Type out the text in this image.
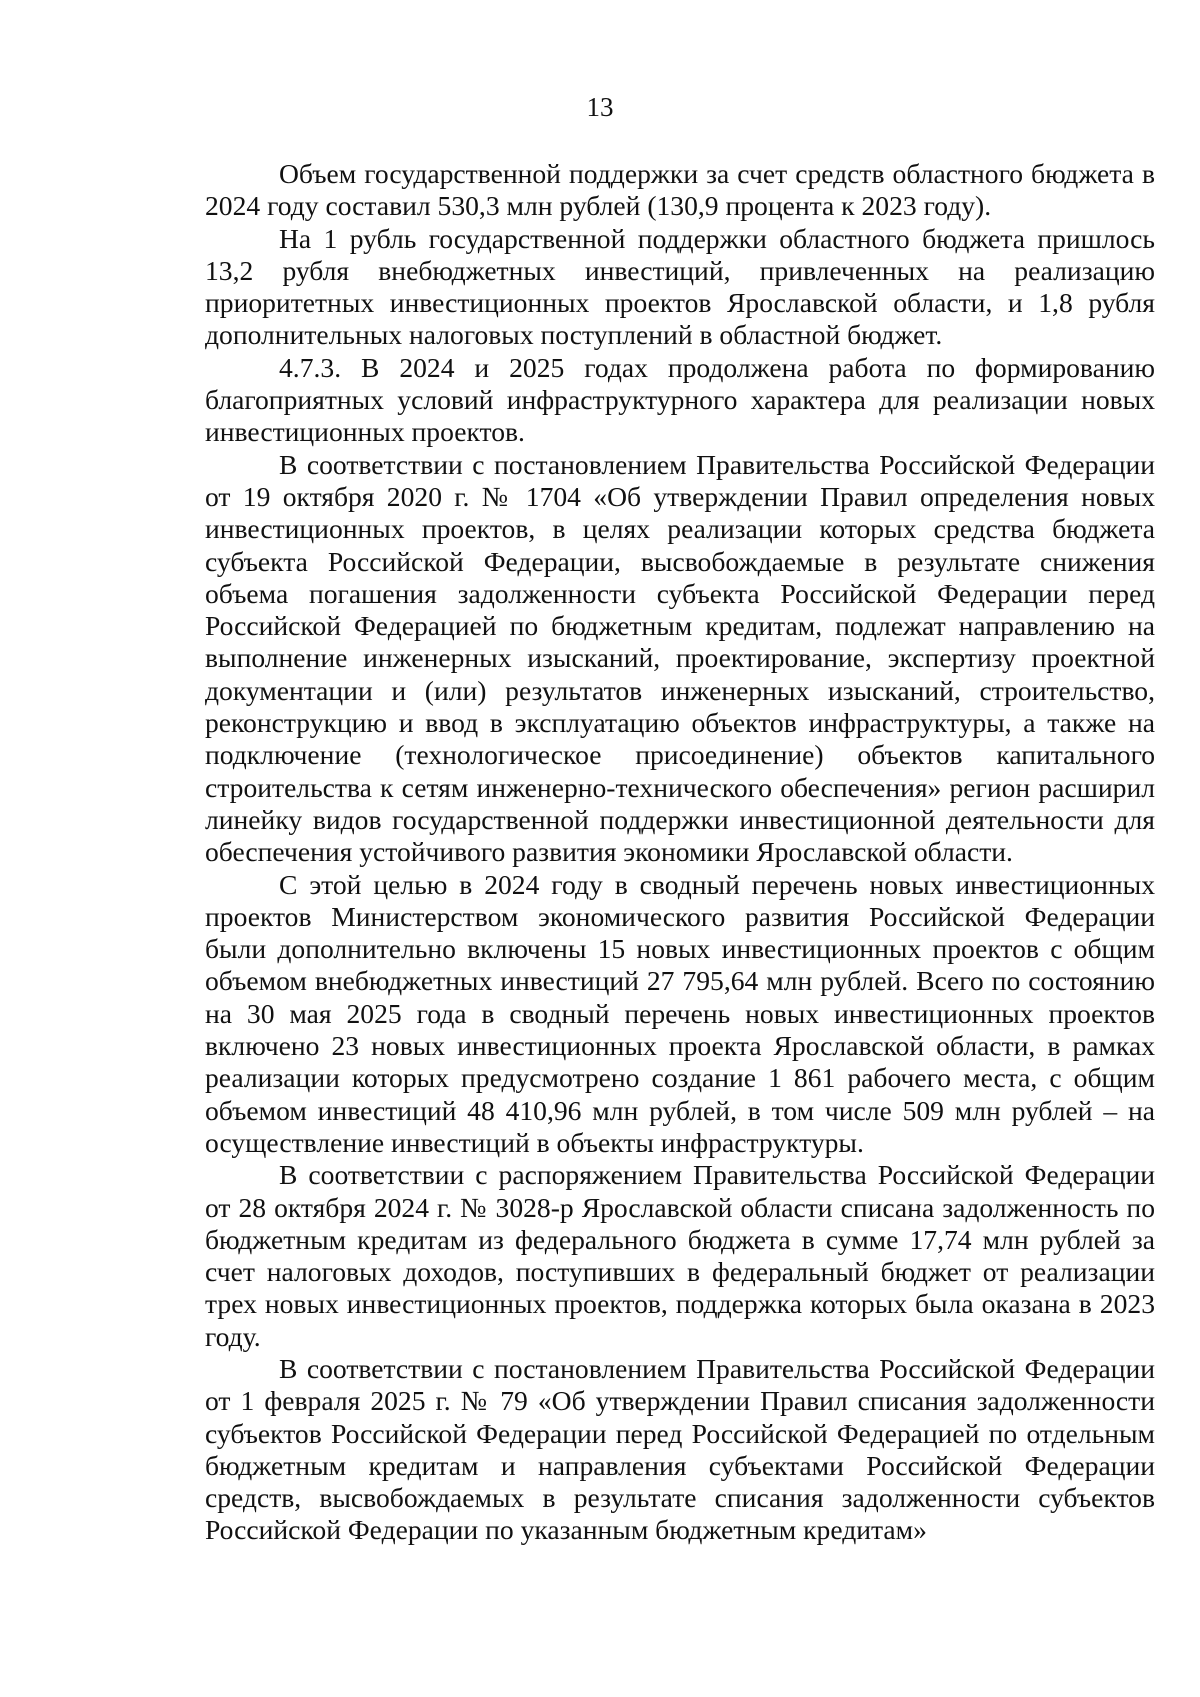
13

Объем государственной поддержки за счет средств областного бюджета в 2024 году составил 530,3 млн рублей (130,9 процента к 2023 году).

На 1 рубль государственной поддержки областного бюджета пришлось 13,2 рубля внебюджетных инвестиций, привлеченных на реализацию приоритетных инвестиционных проектов Ярославской области, и 1,8 рубля дополнительных налоговых поступлений в областной бюджет.

4.7.3. В 2024 и 2025 годах продолжена работа по формированию благоприятных условий инфраструктурного характера для реализации новых инвестиционных проектов.

В соответствии с постановлением Правительства Российской Федерации от 19 октября 2020 г. № 1704 «Об утверждении Правил определения новых инвестиционных проектов, в целях реализации которых средства бюджета субъекта Российской Федерации, высвобождаемые в результате снижения объема погашения задолженности субъекта Российской Федерации перед Российской Федерацией по бюджетным кредитам, подлежат направлению на выполнение инженерных изысканий, проектирование, экспертизу проектной документации и (или) результатов инженерных изысканий, строительство, реконструкцию и ввод в эксплуатацию объектов инфраструктуры, а также на подключение (технологическое присоединение) объектов капитального строительства к сетям инженерно-технического обеспечения» регион расширил линейку видов государственной поддержки инвестиционной деятельности для обеспечения устойчивого развития экономики Ярославской области.

С этой целью в 2024 году в сводный перечень новых инвестиционных проектов Министерством экономического развития Российской Федерации были дополнительно включены 15 новых инвестиционных проектов с общим объемом внебюджетных инвестиций 27 795,64 млн рублей. Всего по состоянию на 30 мая 2025 года в сводный перечень новых инвестиционных проектов включено 23 новых инвестиционных проекта Ярославской области, в рамках реализации которых предусмотрено создание 1 861 рабочего места, с общим объемом инвестиций 48 410,96 млн рублей, в том числе 509 млн рублей – на осуществление инвестиций в объекты инфраструктуры.

В соответствии с распоряжением Правительства Российской Федерации от 28 октября 2024 г. № 3028-р Ярославской области списана задолженность по бюджетным кредитам из федерального бюджета в сумме 17,74 млн рублей за счет налоговых доходов, поступивших в федеральный бюджет от реализации трех новых инвестиционных проектов, поддержка которых была оказана в 2023 году.

В соответствии с постановлением Правительства Российской Федерации от 1 февраля 2025 г. № 79 «Об утверждении Правил списания задолженности субъектов Российской Федерации перед Российской Федерацией по отдельным бюджетным кредитам и направления субъектами Российской Федерации средств, высвобождаемых в результате списания задолженности субъектов Российской Федерации по указанным бюджетным кредитам»
